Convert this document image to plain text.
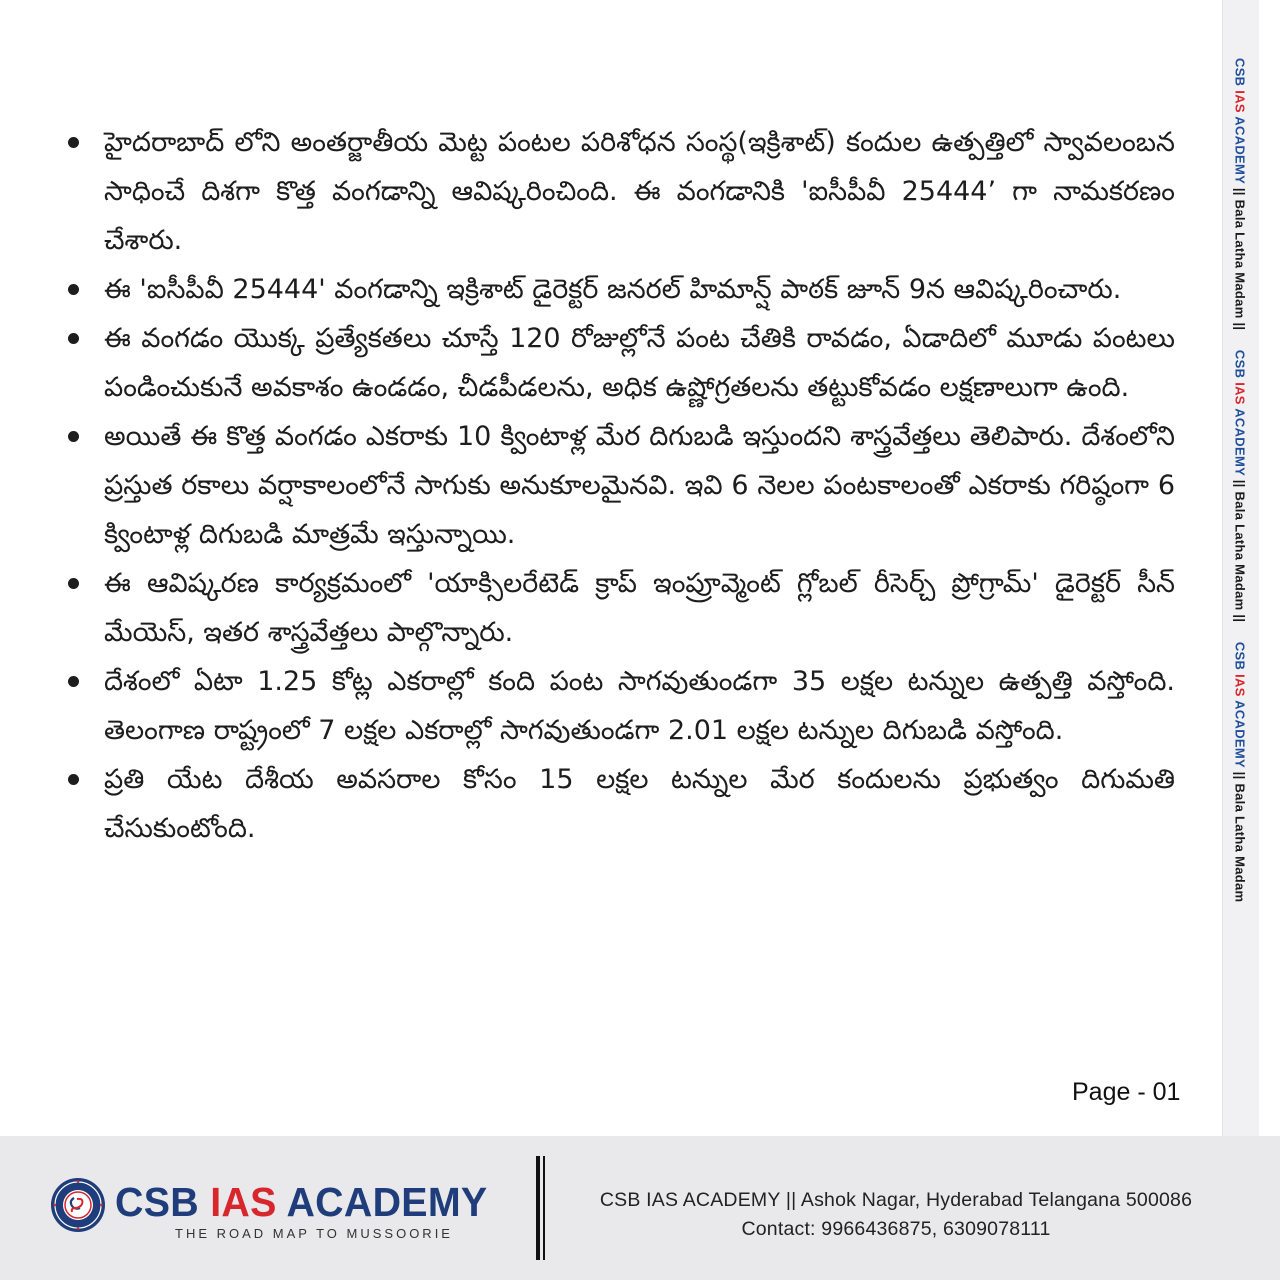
CSB IAS ACADEMY || Bala Latha Madam ||     CSB IAS ACADEMY || Bala Latha Madam ||     CSB IAS ACADEMY || Bala Latha Madam
హైదరాబాద్ లోని అంతర్జాతీయ మెట్ట పంటల పరిశోధన సంస్థ(ఇక్రిశాట్) కందుల ఉత్పత్తిలో స్వావలంబన సాధించే దిశగా కొత్త వంగడాన్ని ఆవిష్కరించింది. ఈ వంగడానికి 'ఐసీపీవీ 25444’ గా నామకరణం చేశారు.
ఈ 'ఐసీపీవీ 25444' వంగడాన్ని ఇక్రిశాట్ డైరెక్టర్ జనరల్ హిమాన్ష్ పాఠక్ జూన్ 9న ఆవిష్కరించారు.
ఈ వంగడం యొక్క ప్రత్యేకతలు చూస్తే 120 రోజుల్లోనే పంట చేతికి రావడం, ఏడాదిలో మూడు పంటలు పండించుకునే అవకాశం ఉండడం, చీడపీడలను, అధిక ఉష్ణోగ్రతలను తట్టుకోవడం లక్షణాలుగా ఉంది.
అయితే ఈ కొత్త వంగడం ఎకరాకు 10 క్వింటాళ్ల మేర దిగుబడి ఇస్తుందని శాస్త్రవేత్తలు తెలిపారు. దేశంలోని ప్రస్తుత రకాలు వర్షాకాలంలోనే సాగుకు అనుకూలమైనవి. ఇవి 6 నెలల పంటకాలంతో ఎకరాకు గరిష్ఠంగా 6 క్వింటాళ్ల దిగుబడి మాత్రమే ఇస్తున్నాయి.
ఈ ఆవిష్కరణ కార్యక్రమంలో 'యాక్సిలరేటెడ్ క్రాప్ ఇంప్రూవ్మెంట్ గ్లోబల్ రీసెర్చ్ ప్రోగ్రామ్' డైరెక్టర్ సీన్ మేయెస్, ఇతర శాస్త్రవేత్తలు పాల్గొన్నారు.
దేశంలో ఏటా 1.25 కోట్ల ఎకరాల్లో కంది పంట సాగవుతుండగా 35 లక్షల టన్నుల ఉత్పత్తి వస్తోంది. తెలంగాణ రాష్ట్రంలో 7 లక్షల ఎకరాల్లో సాగవుతుండగా 2.01 లక్షల టన్నుల దిగుబడి వస్తోంది.
ప్రతి యేట దేశీయ అవసరాల కోసం 15 లక్షల టన్నుల మేర కందులను ప్రభుత్వం దిగుమతి చేసుకుంటోంది.
Page - 01
CSB IAS ACADEMY
THE ROAD MAP TO MUSSOORIE
CSB IAS ACADEMY || Ashok Nagar, Hyderabad Telangana 500086
Contact: 9966436875, 6309078111
